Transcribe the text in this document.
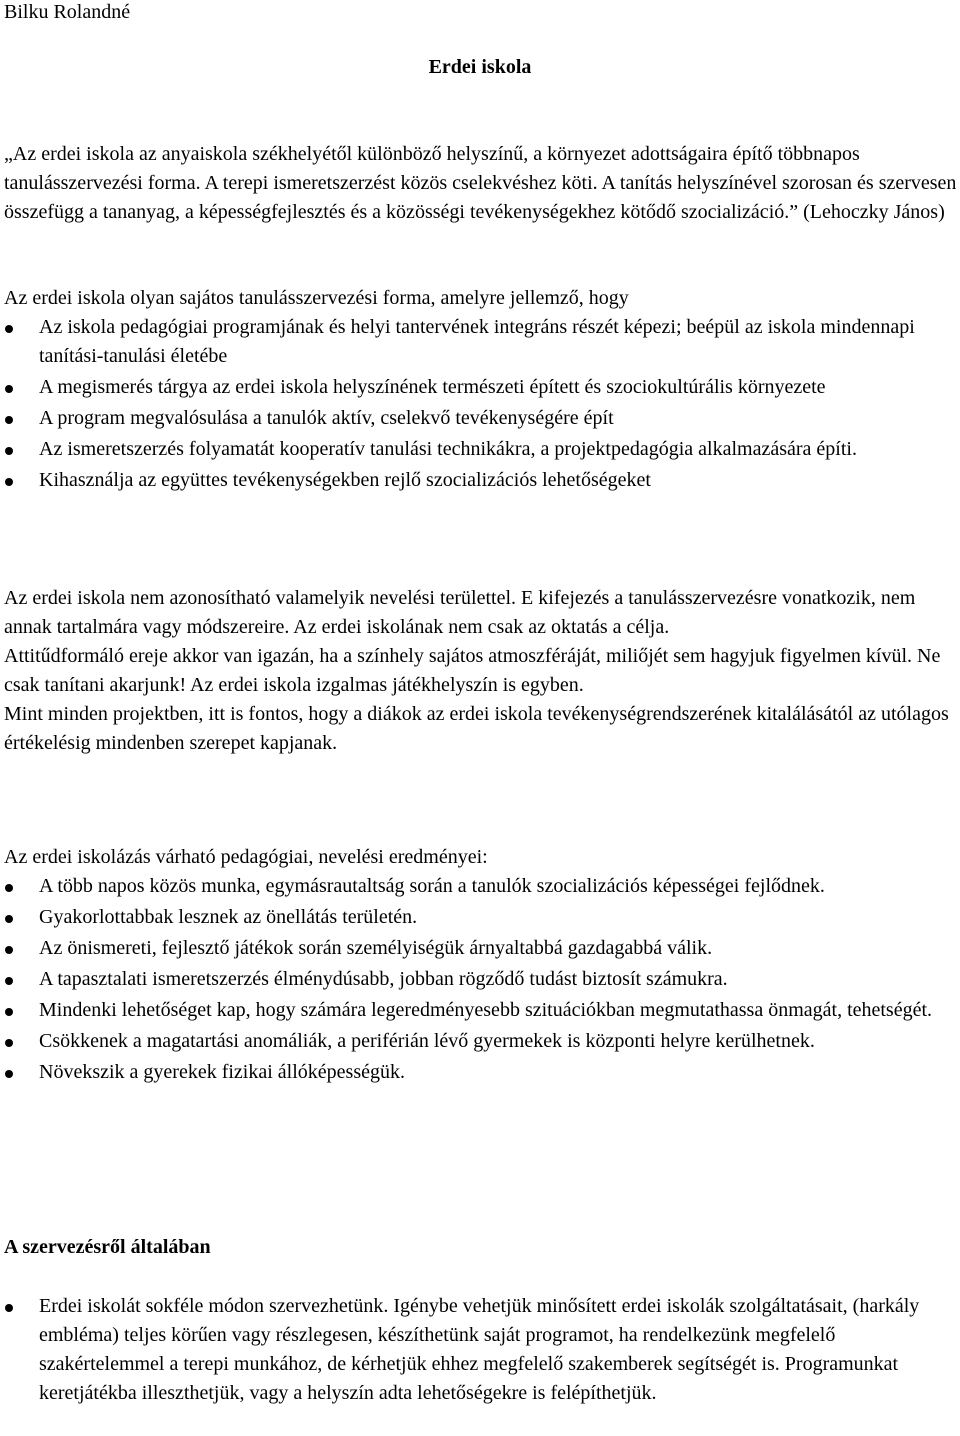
Bilku Rolandné

Erdei iskola

„Az erdei iskola az anyaiskola székhelyétől különböző helyszínű, a környezet adottságaira építő többnapos tanulásszervezési forma. A terepi ismeretszerzést közös cselekvéshez köti. A tanítás helyszínével szorosan és szervesen összefügg a tananyag, a képességfejlesztés és a közösségi tevékenységekhez kötődő szocializáció.” (Lehoczky János)

Az erdei iskola olyan sajátos tanulásszervezési forma, amelyre jellemző, hogy

Az iskola pedagógiai programjának és helyi tantervének integráns részét képezi; beépül az iskola mindennapi tanítási-tanulási életébe
A megismerés tárgya az erdei iskola helyszínének természeti épített és szociokultúrális környezete
A program megvalósulása a tanulók aktív, cselekvő tevékenységére épít
Az ismeretszerzés folyamatát kooperatív tanulási technikákra, a projektpedagógia alkalmazására építi.
Kihasználja az együttes tevékenységekben rejlő szocializációs lehetőségeket

Az erdei iskola nem azonosítható valamelyik nevelési területtel. E kifejezés a tanulásszervezésre vonatkozik, nem annak tartalmára vagy módszereire. Az erdei iskolának nem csak az oktatás a célja.

Attitűdformáló ereje akkor van igazán, ha a színhely sajátos atmoszféráját, miliőjét sem hagyjuk figyelmen kívül. Ne csak tanítani akarjunk! Az erdei iskola izgalmas játékhelyszín is egyben.

Mint minden projektben, itt is fontos, hogy a diákok az erdei iskola tevékenységrendszerének kitalálásától az utólagos értékelésig mindenben szerepet kapjanak.

Az erdei iskolázás várható pedagógiai, nevelési eredményei:

A több napos közös munka, egymásrautaltság során a tanulók szocializációs képességei fejlődnek.
Gyakorlottabbak lesznek az önellátás területén.
Az önismereti, fejlesztő játékok során személyiségük árnyaltabbá gazdagabbá válik.
A tapasztalati ismeretszerzés élménydúsabb, jobban rögződő tudást biztosít számukra.
Mindenki lehetőséget kap, hogy számára legeredményesebb szituációkban megmutathassa önmagát, tehetségét.
Csökkenek a magatartási anomáliák, a periférián lévő gyermekek is központi helyre kerülhetnek.
Növekszik a gyerekek fizikai állóképességük.

A szervezésről általában

Erdei iskolát sokféle módon szervezhetünk. Igénybe vehetjük minősített erdei iskolák szolgáltatásait, (harkály embléma) teljes körűen vagy részlegesen, készíthetünk saját programot, ha rendelkezünk megfelelő szakértelemmel a terepi munkához, de kérhetjük ehhez megfelelő szakemberek segítségét is. Programunkat keretjátékba illeszthetjük, vagy a helyszín adta lehetőségekre is felépíthetjük.
